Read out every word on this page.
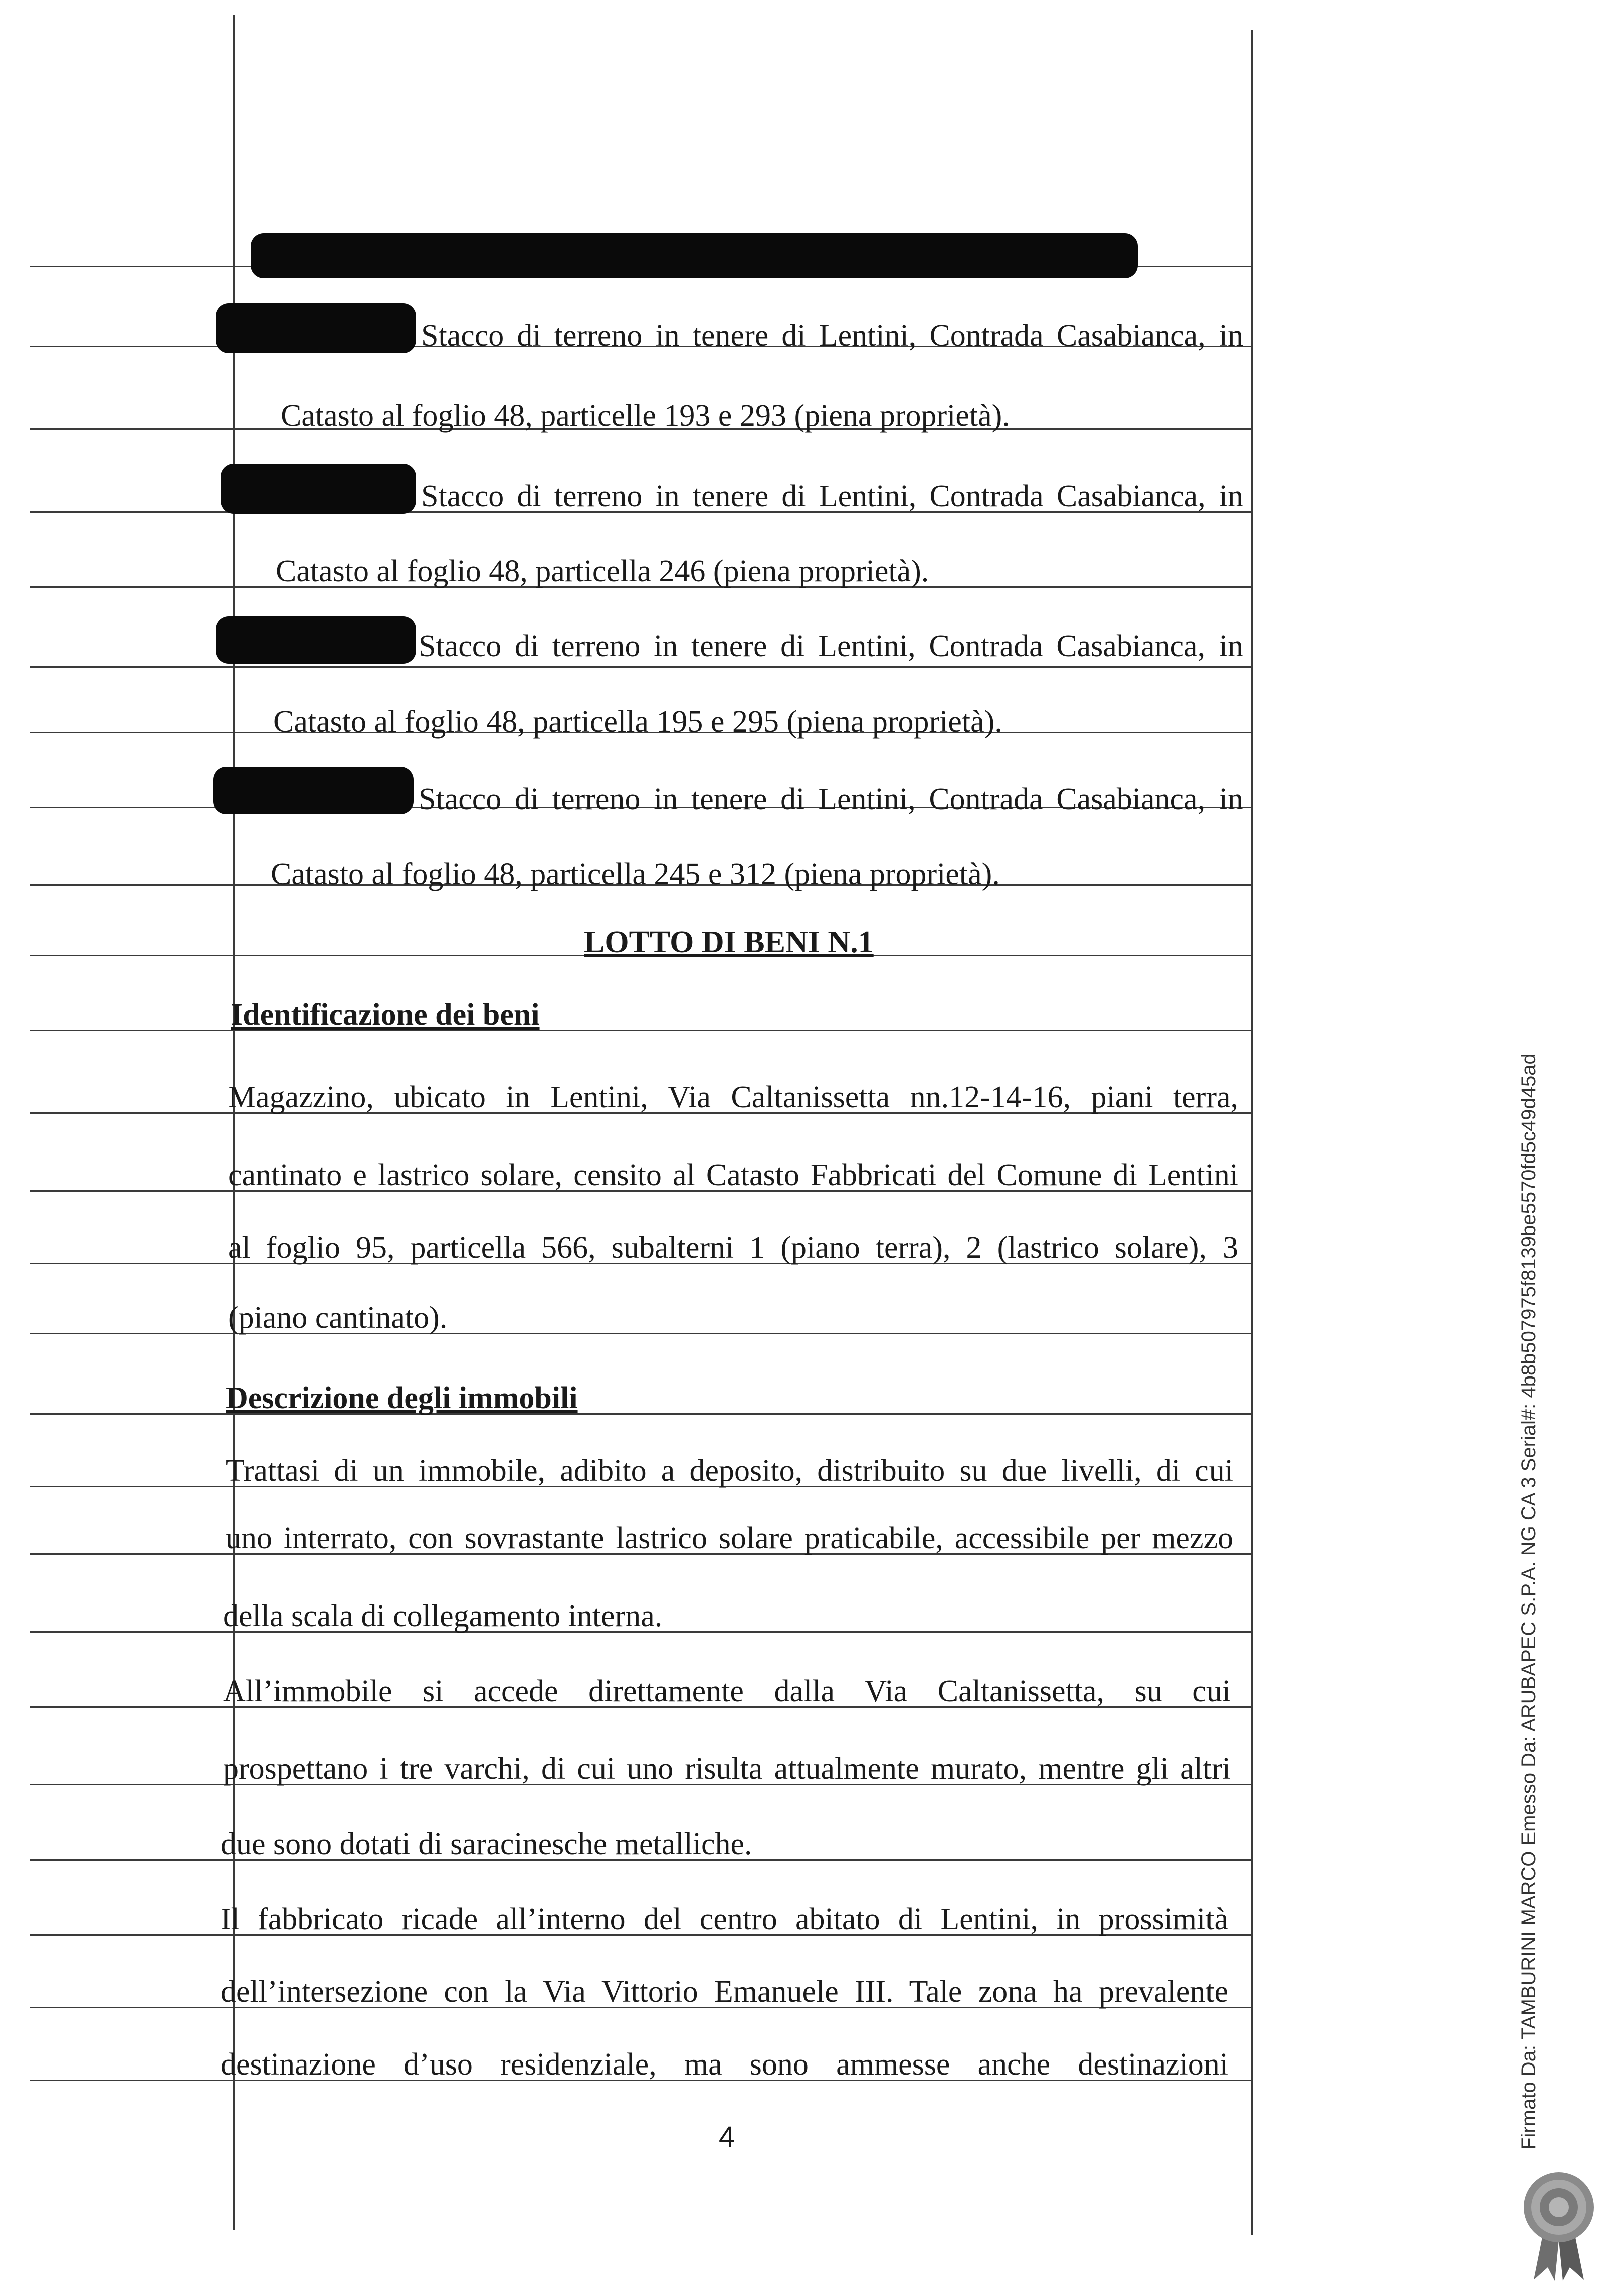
Stacco di terreno in tenere di Lentini, Contrada Casabianca, in
Catasto al foglio 48, particelle 193 e 293 (piena proprietà).
Stacco di terreno in tenere di Lentini, Contrada Casabianca, in
Catasto al foglio 48, particella 246 (piena proprietà).
Stacco di terreno in tenere di Lentini, Contrada Casabianca, in
Catasto al foglio 48, particella 195 e 295 (piena proprietà).
Stacco di terreno in tenere di Lentini, Contrada Casabianca, in
Catasto al foglio 48, particella 245 e 312 (piena proprietà).
LOTTO DI BENI N.1
Identificazione dei beni
Magazzino, ubicato in Lentini, Via Caltanissetta nn.12-14-16, piani terra,
cantinato e lastrico solare, censito al Catasto Fabbricati del Comune di Lentini
al foglio 95, particella 566, subalterni 1 (piano terra), 2 (lastrico solare), 3
(piano cantinato).
Descrizione degli immobili
Trattasi di un immobile, adibito a deposito, distribuito su due livelli, di cui
uno interrato, con sovrastante lastrico solare praticabile, accessibile per mezzo
della scala di collegamento interna.
All’immobile si accede direttamente dalla Via Caltanissetta, su cui
prospettano i tre varchi, di cui uno risulta attualmente murato, mentre gli altri
due sono dotati di saracinesche metalliche.
Il fabbricato ricade all’interno del centro abitato di Lentini, in prossimità
dell’intersezione con la Via Vittorio Emanuele III. Tale zona ha prevalente
destinazione d’uso residenziale, ma sono ammesse anche destinazioni
4	Firmato Da: TAMBURINI MARCO Emesso Da: ARUBAPEC S.P.A. NG CA 3 Serial#: 4b8b507975f8139be5570fd5c49d45ad
